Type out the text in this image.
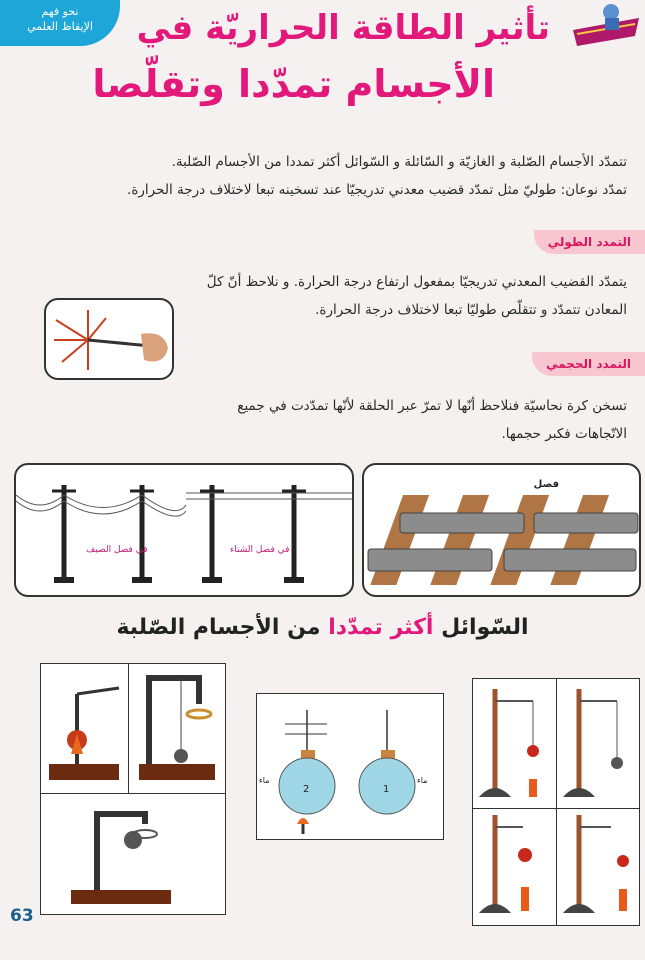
نحو فهم
الإيقاظ العلمي	تأثير الطاقة الحراريّة في
الأجسام تمدّدا وتقلّصا
تتمدّد الأجسام الصّلبة و الغازيّة و السّائلة و السّوائل أكثر تمددا من الأجسام الصّلبة.
تمدّد نوعان: طوليّ مثل تمدّد قضيب معدني تدريجيّا عند تسخينه تبعا لاختلاف درجة الحرارة.
التمدد الطولي
يتمدّد القضيب المعدني تدريجيّا بمفعول ارتفاع درجة الحرارة. و نلاحظ أنّ كلّ
المعادن تتمدّد و تتقلّص طوليّا تبعا لاختلاف درجة الحرارة.
التمدد الحجمي
تسخن كرة نحاسيّة فنلاحظ أنّها لا تمرّ عبر الحلقة لأنّها تمدّدت في جميع
الاتّجاهات فكبر حجمها.
في فصل الصيف	في فصل الشتاء
فصل
السّوائل أكثر تمدّدا من الأجسام الصّلبة
2	1
ماء	ماء
63
